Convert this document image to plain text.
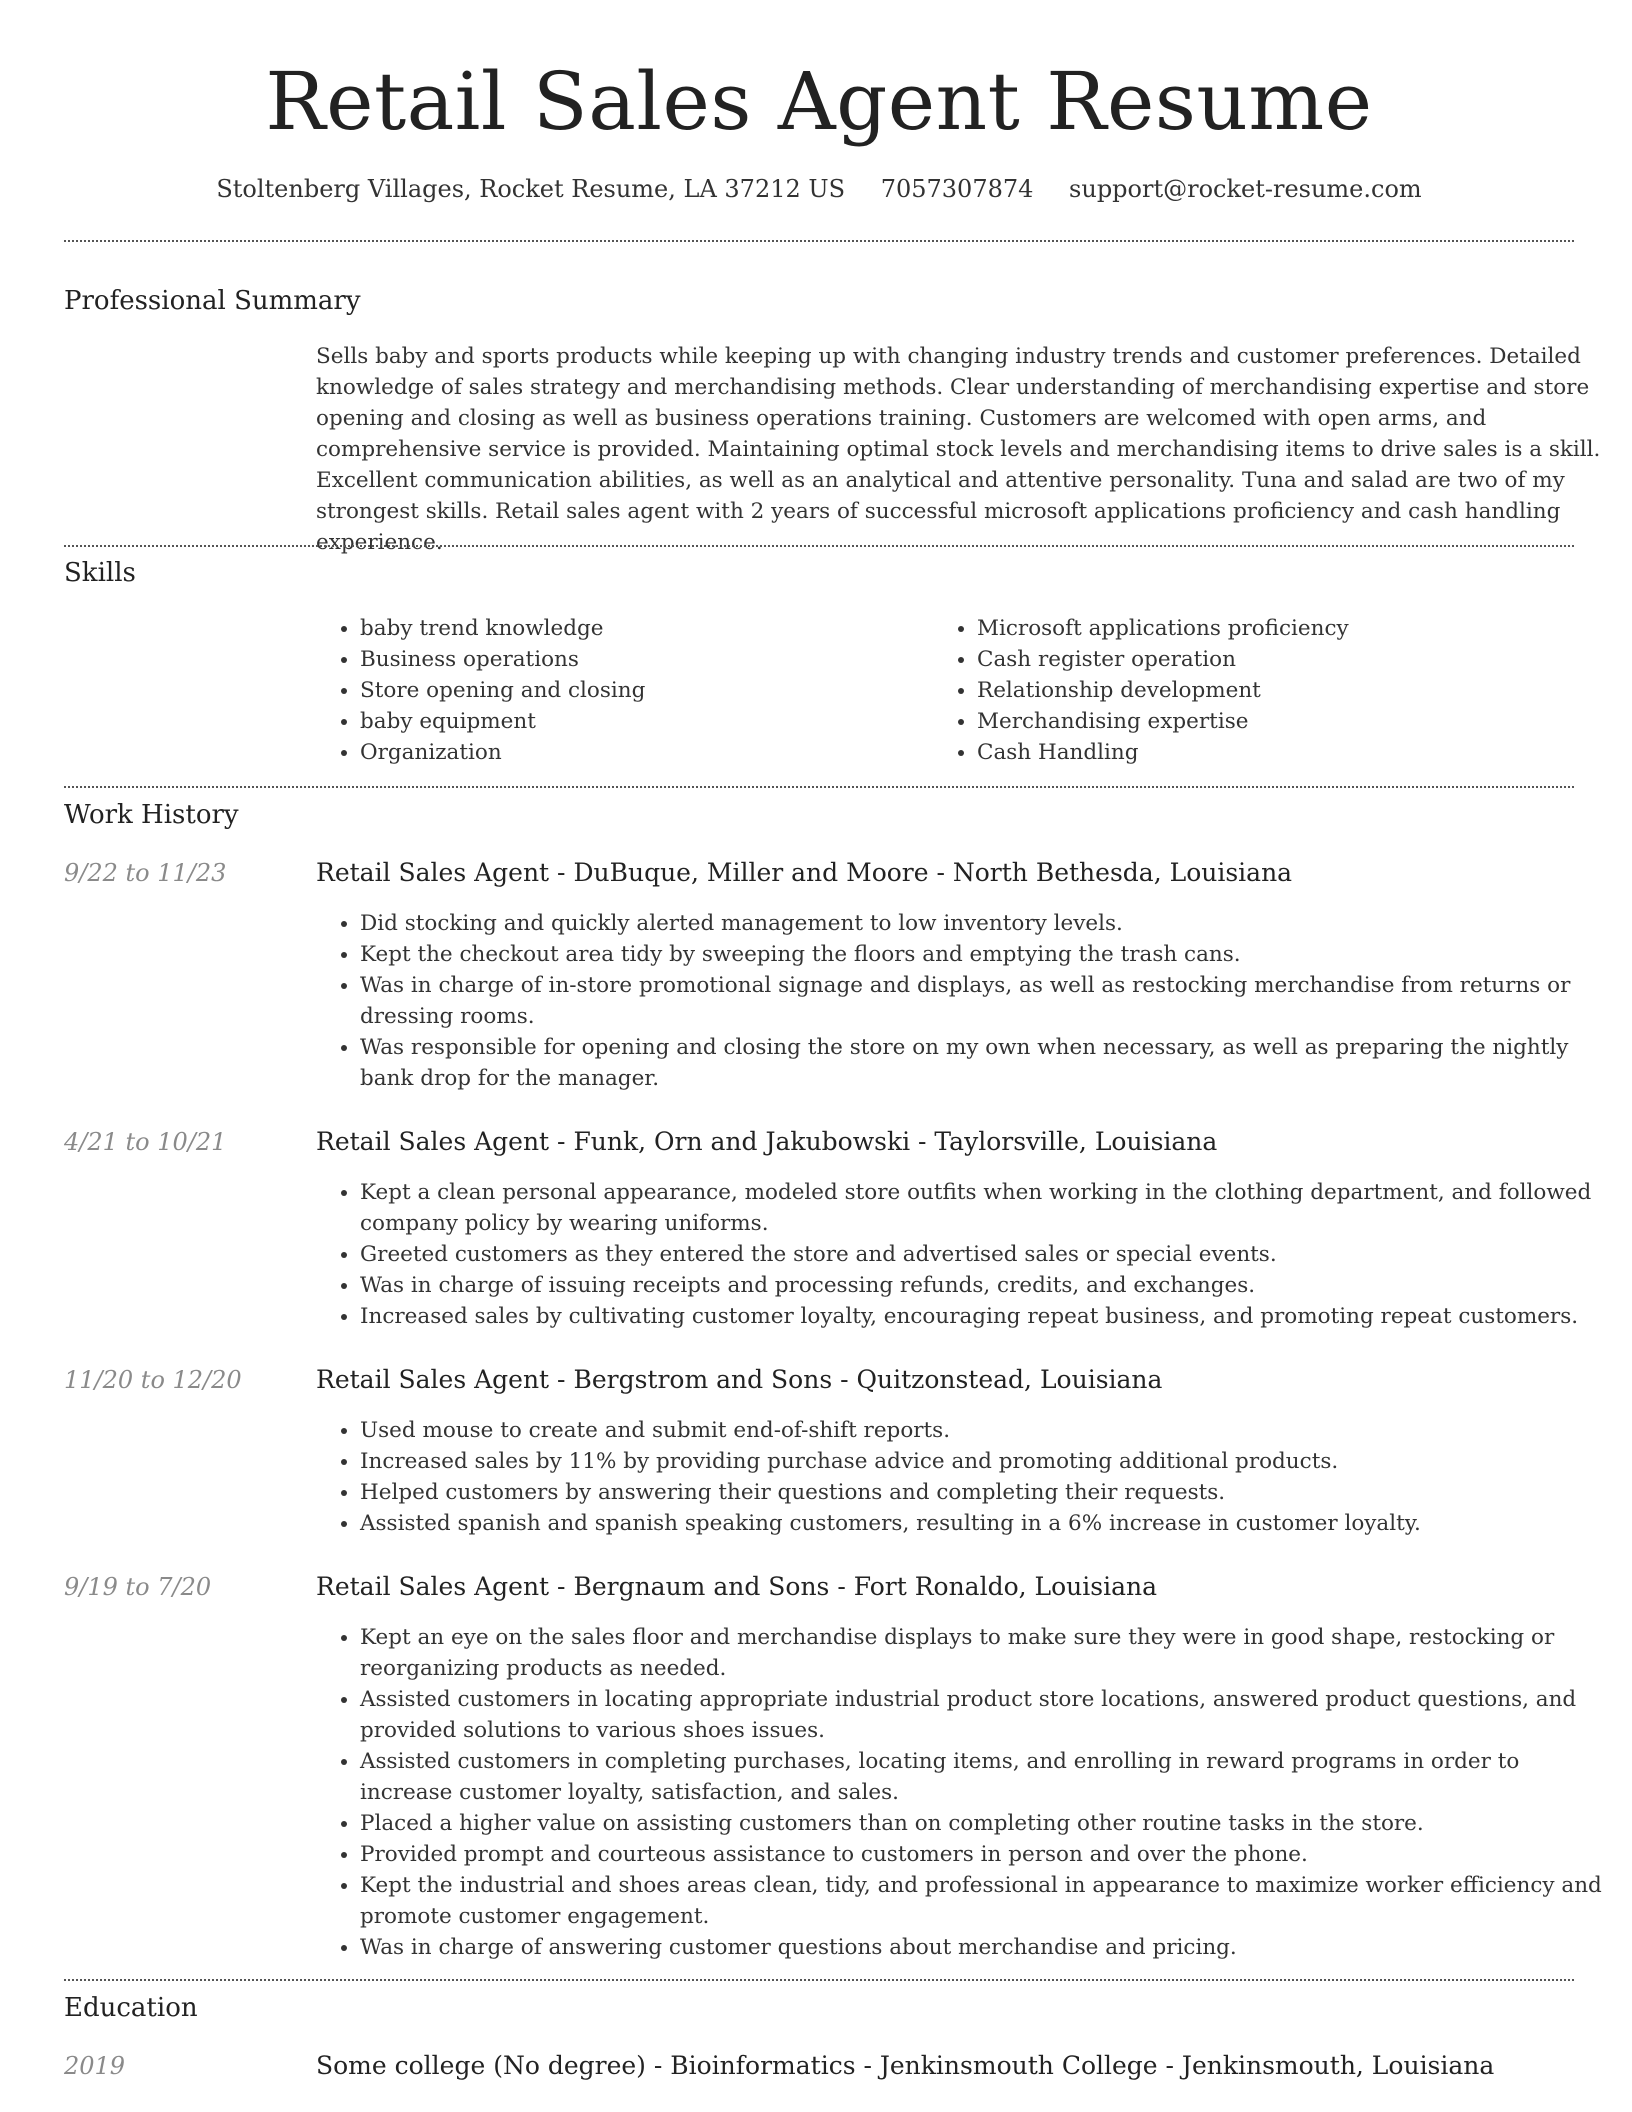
Retail Sales Agent Resume
Stoltenberg Villages, Rocket Resume, LA 37212 US 7057307874 support@rocket-resume.com
Professional Summary
Sells baby and sports products while keeping up with changing industry trends and customer preferences. Detailed knowledge of sales strategy and merchandising methods. Clear understanding of merchandising expertise and store opening and closing as well as business operations training. Customers are welcomed with open arms, and comprehensive service is provided. Maintaining optimal stock levels and merchandising items to drive sales is a skill. Excellent communication abilities, as well as an analytical and attentive personality. Tuna and salad are two of my strongest skills. Retail sales agent with 2 years of successful microsoft applications proficiency and cash handling experience.
Skills
• baby trend knowledge
• Business operations
• Store opening and closing
• baby equipment
• Organization
• Microsoft applications proficiency
• Cash register operation
• Relationship development
• Merchandising expertise
• Cash Handling
Work History
9/22 to 11/23	Retail Sales Agent - DuBuque, Miller and Moore - North Bethesda, Louisiana
• Did stocking and quickly alerted management to low inventory levels.
• Kept the checkout area tidy by sweeping the floors and emptying the trash cans.
• Was in charge of in-store promotional signage and displays, as well as restocking merchandise from returns or dressing rooms.
• Was responsible for opening and closing the store on my own when necessary, as well as preparing the nightly bank drop for the manager.
4/21 to 10/21	Retail Sales Agent - Funk, Orn and Jakubowski - Taylorsville, Louisiana
• Kept a clean personal appearance, modeled store outfits when working in the clothing department, and followed company policy by wearing uniforms.
• Greeted customers as they entered the store and advertised sales or special events.
• Was in charge of issuing receipts and processing refunds, credits, and exchanges.
• Increased sales by cultivating customer loyalty, encouraging repeat business, and promoting repeat customers.
11/20 to 12/20	Retail Sales Agent - Bergstrom and Sons - Quitzonstead, Louisiana
• Used mouse to create and submit end-of-shift reports.
• Increased sales by 11% by providing purchase advice and promoting additional products.
• Helped customers by answering their questions and completing their requests.
• Assisted spanish and spanish speaking customers, resulting in a 6% increase in customer loyalty.
9/19 to 7/20	Retail Sales Agent - Bergnaum and Sons - Fort Ronaldo, Louisiana
• Kept an eye on the sales floor and merchandise displays to make sure they were in good shape, restocking or reorganizing products as needed.
• Assisted customers in locating appropriate industrial product store locations, answered product questions, and provided solutions to various shoes issues.
• Assisted customers in completing purchases, locating items, and enrolling in reward programs in order to increase customer loyalty, satisfaction, and sales.
• Placed a higher value on assisting customers than on completing other routine tasks in the store.
• Provided prompt and courteous assistance to customers in person and over the phone.
• Kept the industrial and shoes areas clean, tidy, and professional in appearance to maximize worker efficiency and promote customer engagement.
• Was in charge of answering customer questions about merchandise and pricing.
Education
2019	Some college (No degree) - Bioinformatics - Jenkinsmouth College - Jenkinsmouth, Louisiana
